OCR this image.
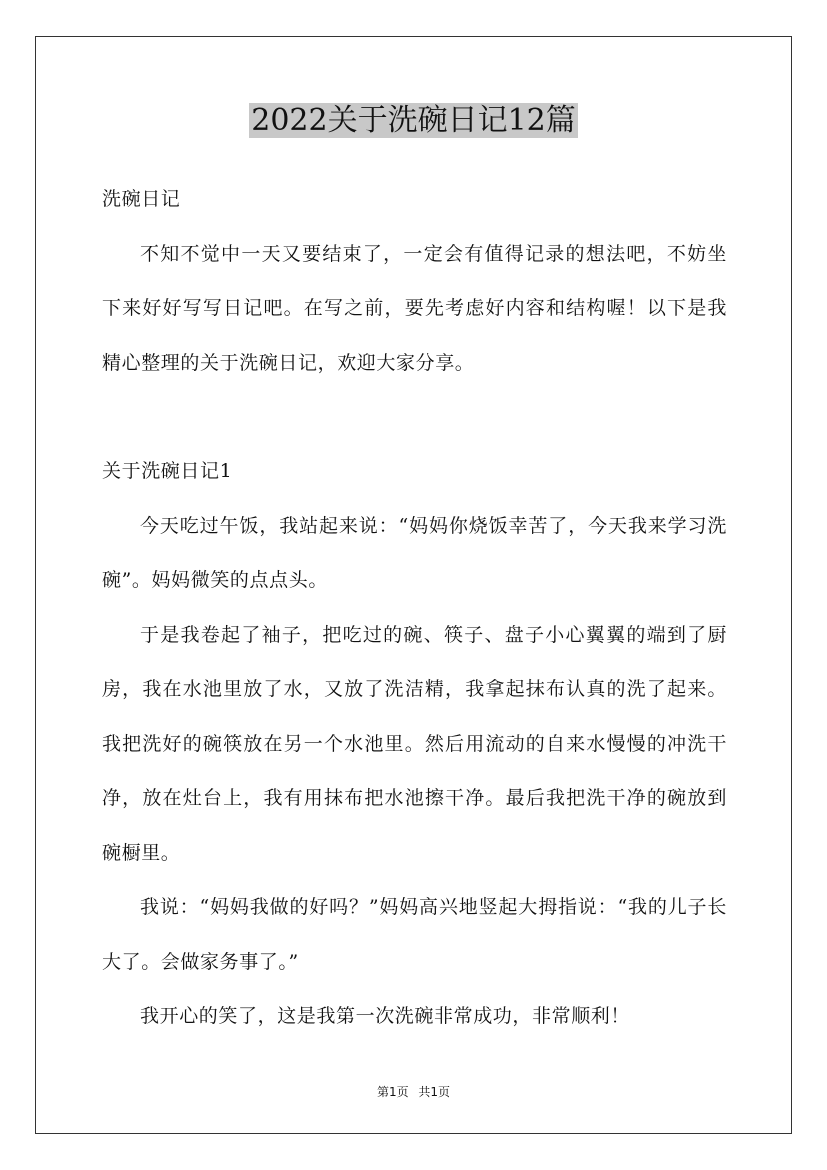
2022关于洗碗日记12篇

洗碗日记

不知不觉中一天又要结束了，一定会有值得记录的想法吧，不妨坐下来好好写写日记吧。在写之前，要先考虑好内容和结构喔！以下是我精心整理的关于洗碗日记，欢迎大家分享。

关于洗碗日记1

今天吃过午饭，我站起来说：“妈妈你烧饭幸苦了，今天我来学习洗碗”。妈妈微笑的点点头。

于是我卷起了袖子，把吃过的碗、筷子、盘子小心翼翼的端到了厨房，我在水池里放了水，又放了洗洁精，我拿起抹布认真的洗了起来。我把洗好的碗筷放在另一个水池里。然后用流动的自来水慢慢的冲洗干净，放在灶台上，我有用抹布把水池擦干净。最后我把洗干净的碗放到碗橱里。

我说：“妈妈我做的好吗？”妈妈高兴地竖起大拇指说：“我的儿子长大了。会做家务事了。”

我开心的笑了，这是我第一次洗碗非常成功，非常顺利！

第1页 共1页
